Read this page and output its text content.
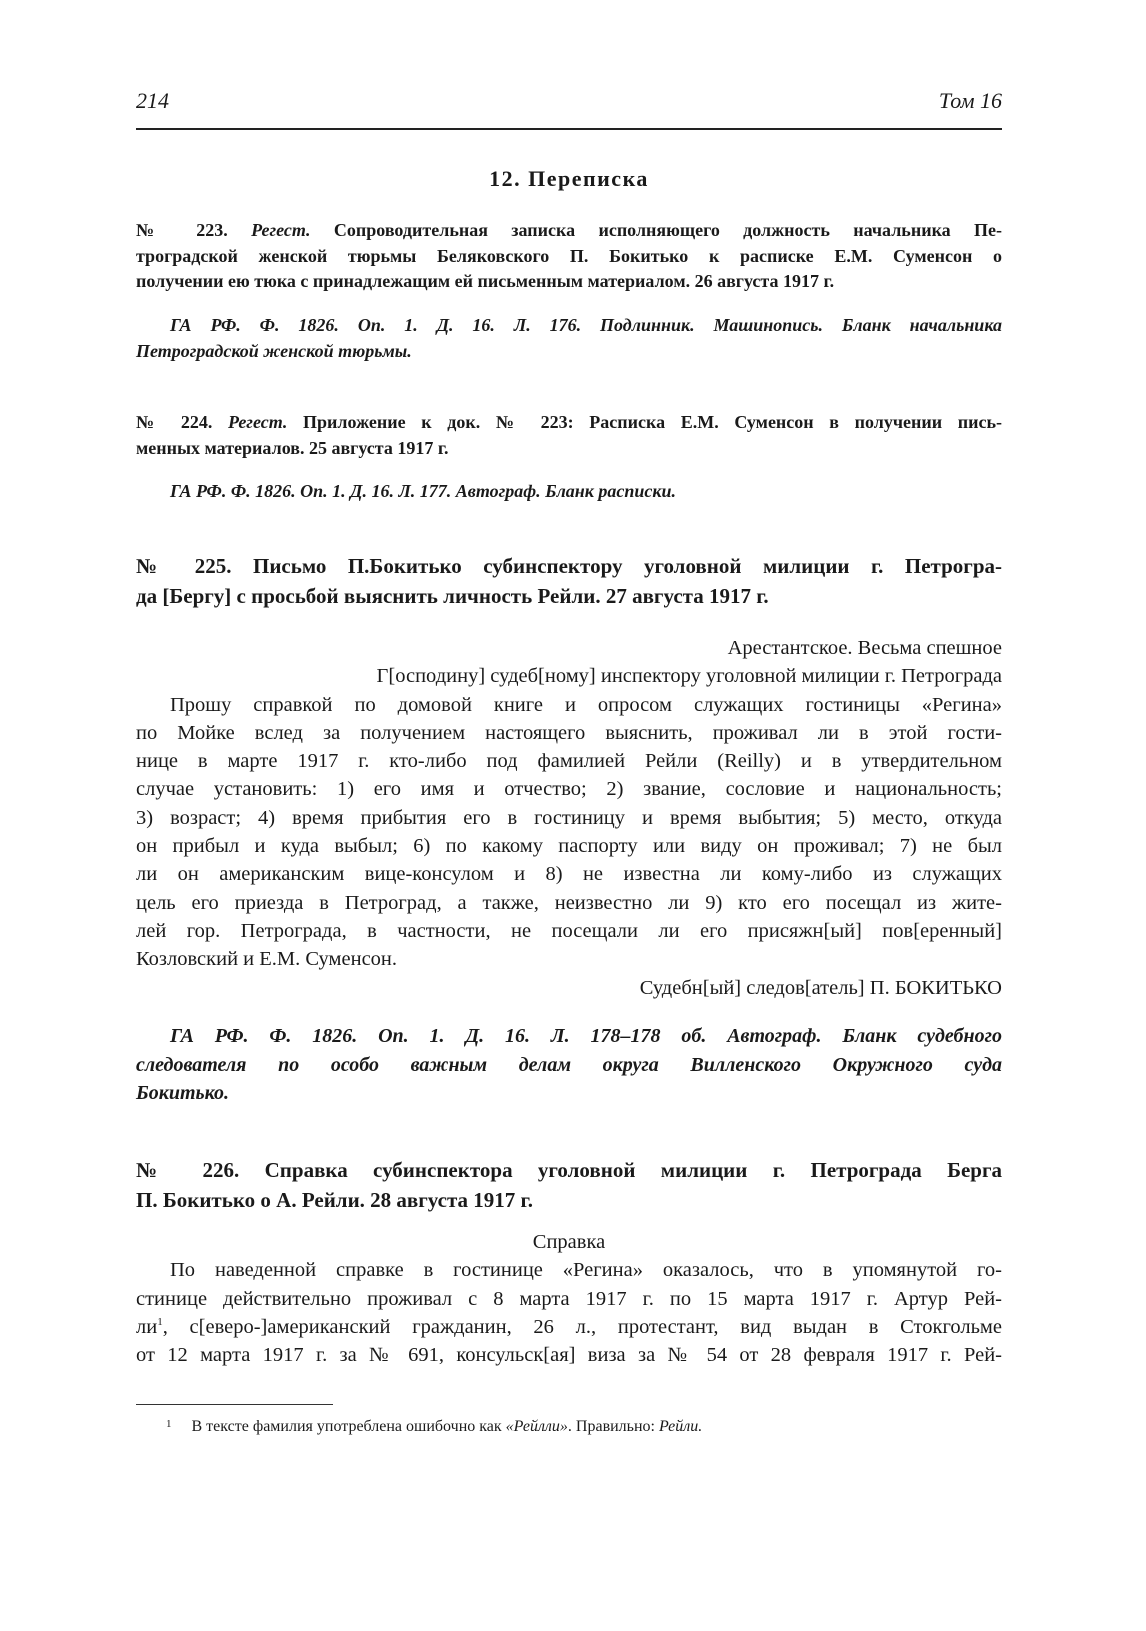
214	Том 16
12. Переписка
№ 223. Регест. Сопроводительная записка исполняющего должность начальника Пе-
троградской женской тюрьмы Беляковского П. Бокитько к расписке Е.М. Суменсон о
получении ею тюка с принадлежащим ей письменным материалом. 26 августа 1917 г.
ГА РФ. Ф. 1826. Оп. 1. Д. 16. Л. 176. Подлинник. Машинопись. Бланк начальника
Петроградской женской тюрьмы.
№ 224. Регест. Приложение к док. № 223: Расписка Е.М. Суменсон в получении пись-
менных материалов. 25 августа 1917 г.
ГА РФ. Ф. 1826. Оп. 1. Д. 16. Л. 177. Автограф. Бланк расписки.
№ 225. Письмо П.Бокитько субинспектору уголовной милиции г. Петрогра-
да [Бергу] с просьбой выяснить личность Рейли. 27 августа 1917 г.
Арестантское. Весьма спешное
Г[осподину] судеб[ному] инспектору уголовной милиции г. Петрограда
Прошу справкой по домовой книге и опросом служащих гостиницы «Регина»
по Мойке вслед за получением настоящего выяснить, проживал ли в этой гости-
нице в марте 1917 г. кто-либо под фамилией Рейли (Reilly) и в утвердительном
случае установить: 1) его имя и отчество; 2) звание, сословие и национальность;
3) возраст; 4) время прибытия его в гостиницу и время выбытия; 5) место, откуда
он прибыл и куда выбыл; 6) по какому паспорту или виду он проживал; 7) не был
ли он американским вице-консулом и 8) не известна ли кому-либо из служащих
цель его приезда в Петроград, а также, неизвестно ли 9) кто его посещал из жите-
лей гор. Петрограда, в частности, не посещали ли его присяжн[ый] пов[еренный]
Козловский и Е.М. Суменсон.
Судебн[ый] следов[атель] П. БОКИТЬКО
ГА РФ. Ф. 1826. Оп. 1. Д. 16. Л. 178–178 об. Автограф. Бланк судебного
следователя по особо важным делам округа Вилленского Окружного суда
Бокитько.
№ 226. Справка субинспектора уголовной милиции г. Петрограда Берга
П. Бокитько о А. Рейли. 28 августа 1917 г.
Справка
По наведенной справке в гостинице «Регина» оказалось, что в упомянутой го-
стинице действительно проживал с 8 марта 1917 г. по 15 марта 1917 г. Артур Рей-
$ли^1$, с[еверо-]американский гражданин, 26 л., протестант, вид выдан в Стокгольме
от 12 марта 1917 г. за № 691, консульск[ая] виза за № 54 от 28 февраля 1917 г. Рей-
$^1$ В тексте фамилия употреблена ошибочно как «Рейлли». Правильно: Рейли.
